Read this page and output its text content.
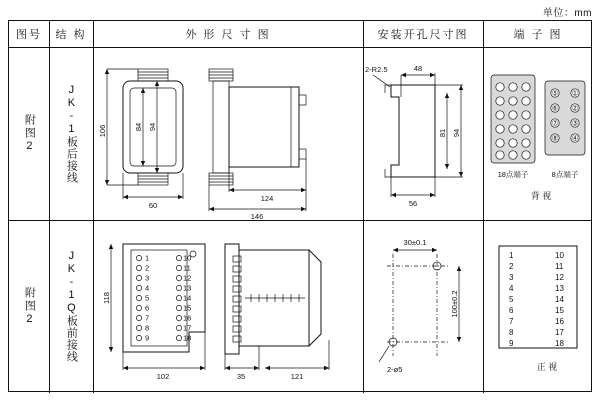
单位：mm
图号	结 构	外 形 尺 寸 图	安装开孔尺寸图	端 子 图
附图2	JK-1板后接线	106	84 94
60
124
146
2-R2.5	48
81 94
56
⑤ ①
⑥ ②
⑦ ③
⑧ ④
18点端子	8点端子
背 视
附图2	JK-1Q板前接线	1	10
2	11
3	12
4	13
5	14
6	15
7	16
8	17
9	18
118
102	35	121
30±0.1
100±0.2
2-ø5
1	10
2	11
3	12
4	13
5	14
6	15
7	16
8	17
9	18
正 视
